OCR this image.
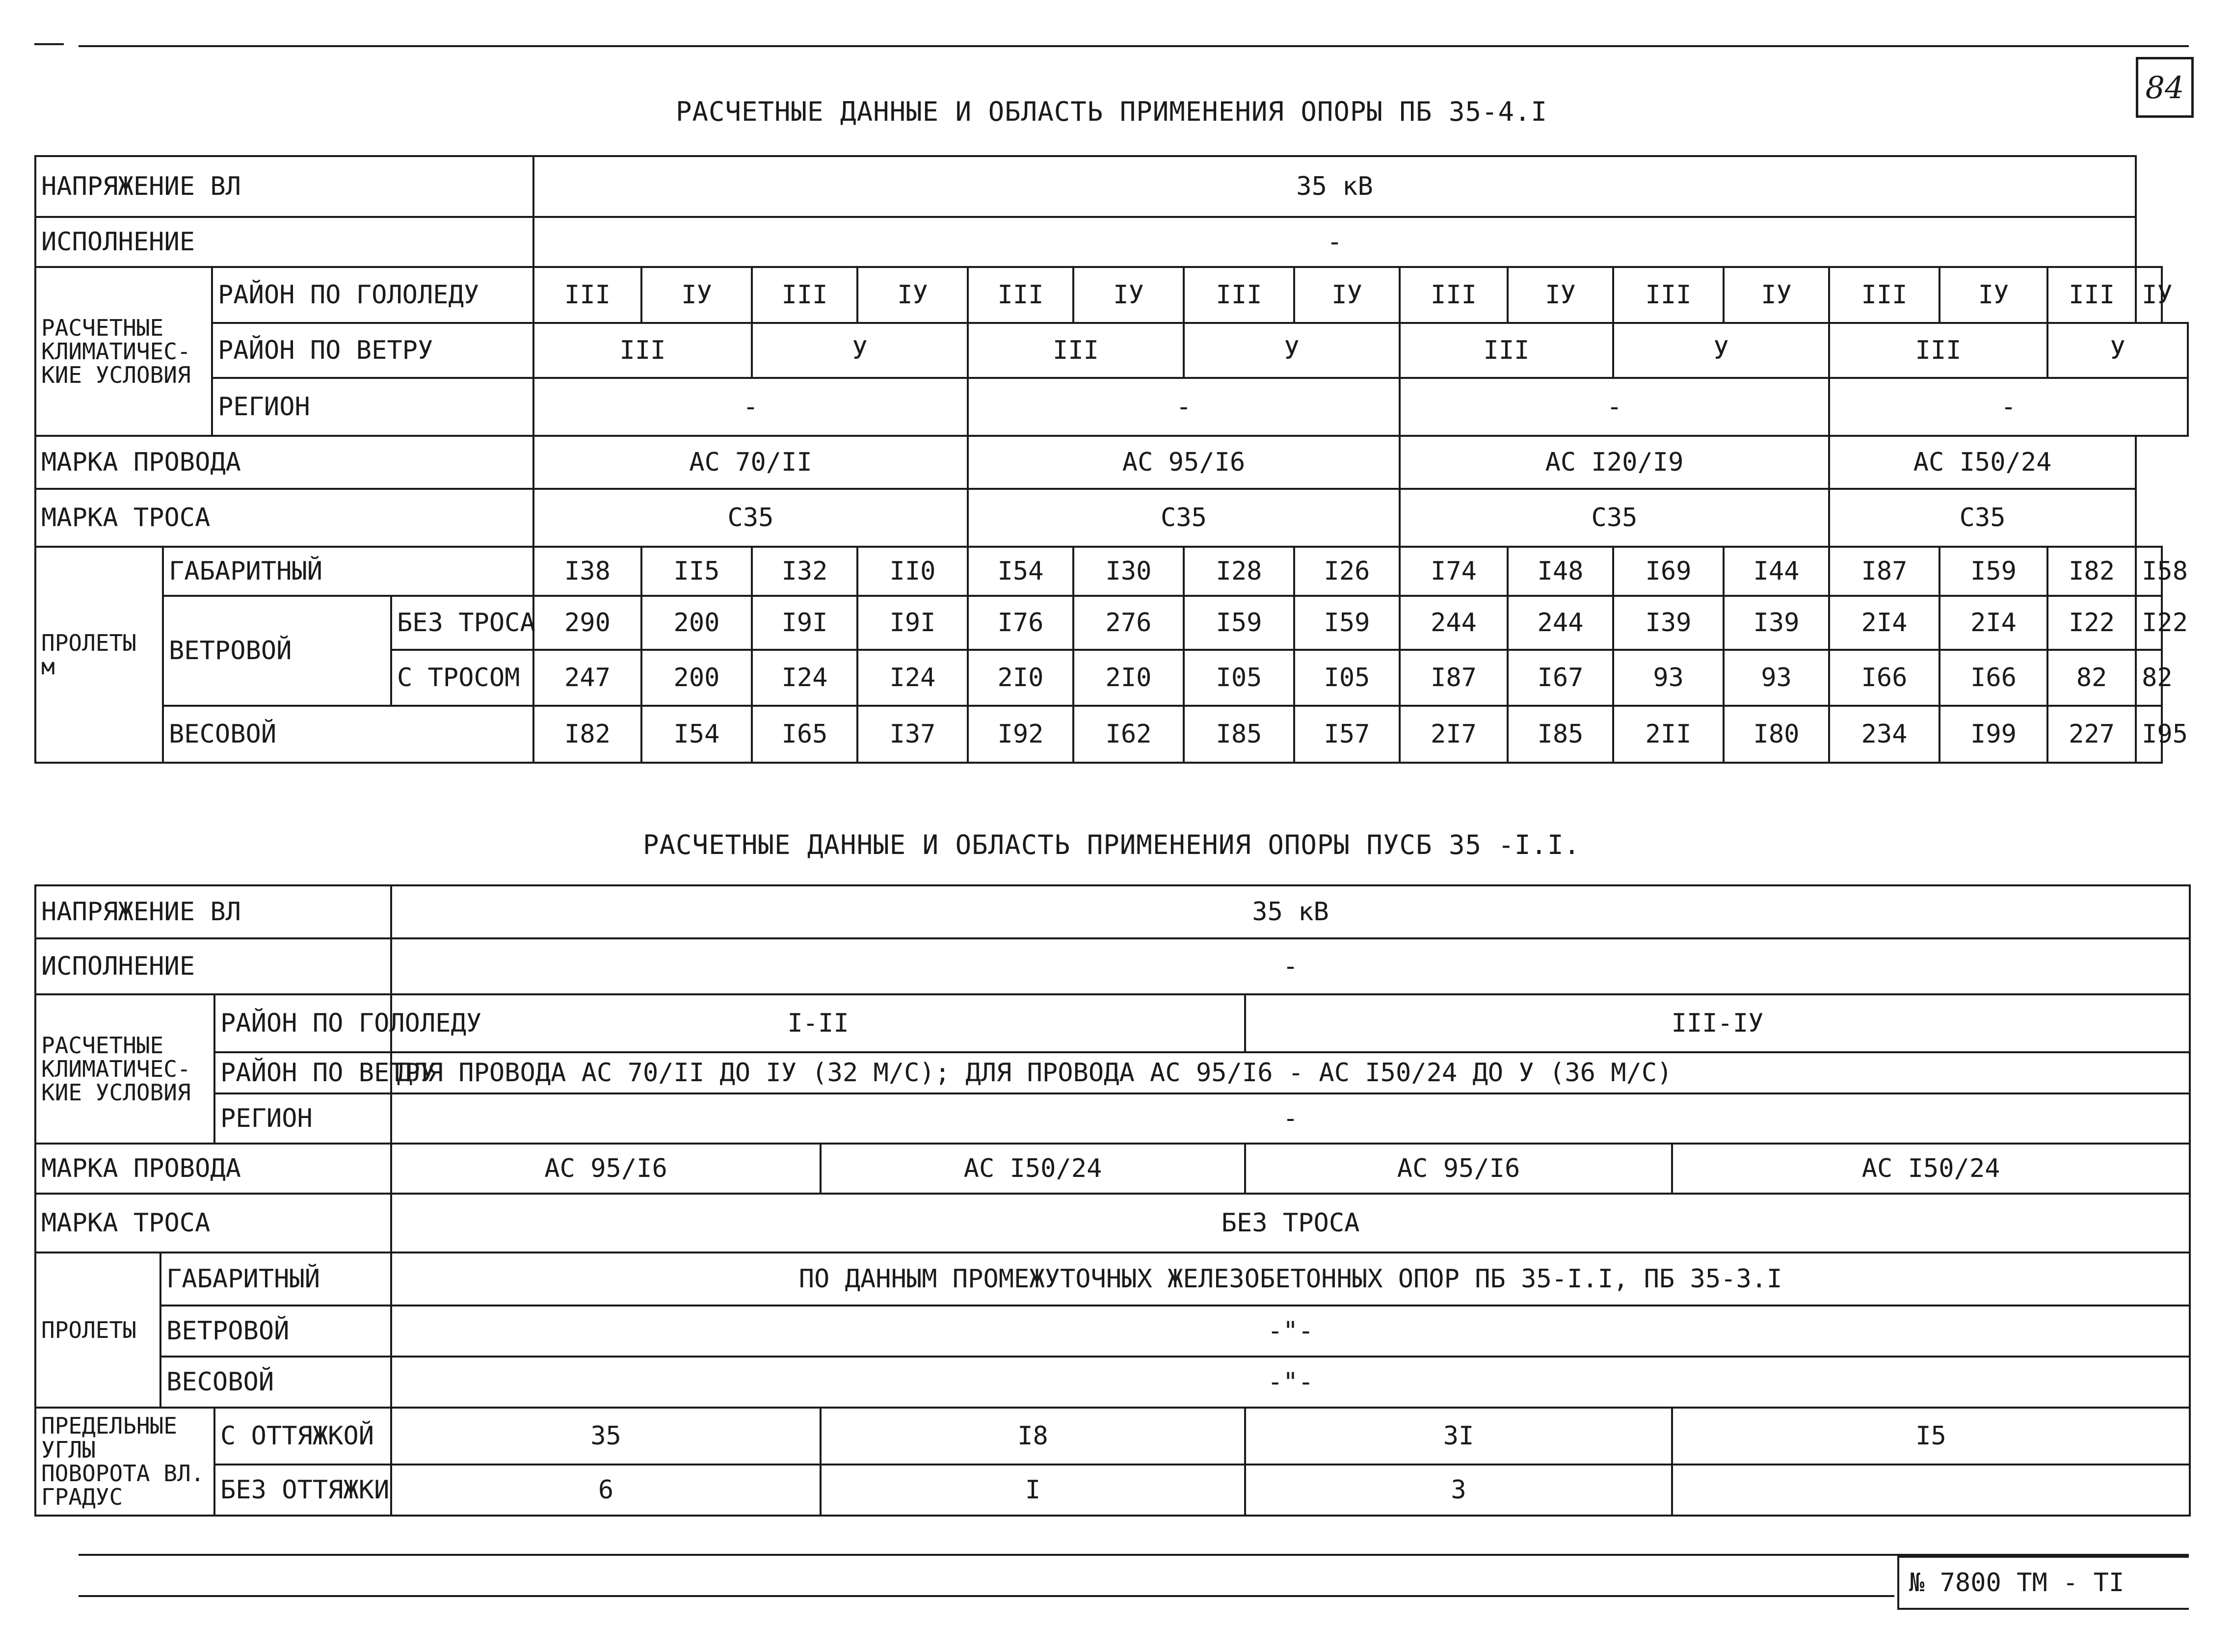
84
РАСЧЕТНЫЕ ДАННЫЕ И ОБЛАСТЬ ПРИМЕНЕНИЯ ОПОРЫ ПБ 35-4.I
НАПРЯЖЕНИЕ ВЛ				35 кВ															
ИСПОЛНЕНИЕ				-															
РАСЧЕТНЫЕ КЛИМАТИЧЕС-КИЕ УСЛОВИЯ		РАЙОН ПО ГОЛОЛЕДУ		III	IУ	III	IУ	III	IУ	III	IУ	III	IУ	III	IУ	III	IУ	III	IУ
		РАЙОН ПО ВЕТРУ		III		У		III		У		III		У		III		У	
		РЕГИОН		-				-				-				-			
МАРКА ПРОВОДА				АС 70/II				АС 95/I6				АС I20/I9				АС I50/24			
МАРКА ТРОСА				С35				С35				С35				С35			
ПРОЛЕТЫ м	ГАБАРИТНЫЙ			I38	II5	I32	II0	I54	I30	I28	I26	I74	I48	I69	I44	I87	I59	I82	I58
	ВЕТРОВОЙ		БЕЗ ТРОСА	290	200	I9I	I9I	I76	276	I59	I59	244	244	I39	I39	2I4	2I4	I22	I22
			С ТРОСОМ	247	200	I24	I24	2I0	2I0	I05	I05	I87	I67	93	93	I66	I66	82	82
	ВЕСОВОЙ			I82	I54	I65	I37	I92	I62	I85	I57	2I7	I85	2II	I80	234	I99	227	I95
РАСЧЕТНЫЕ ДАННЫЕ И ОБЛАСТЬ ПРИМЕНЕНИЯ ОПОРЫ ПУСБ 35 -I.I.
НАПРЯЖЕНИЕ ВЛ			35 кВ			
ИСПОЛНЕНИЕ			-			
РАСЧЕТНЫЕ КЛИМАТИЧЕС-КИЕ УСЛОВИЯ		РАЙОН ПО ГОЛОЛЕДУ	I-II		III-IУ	
		РАЙОН ПО ВЕТРУ	ДЛЯ ПРОВОДА АС 70/II ДО IУ (32 М/С); ДЛЯ ПРОВОДА АС 95/I6 - АС I50/24 ДО У (36 М/С)			
		РЕГИОН	-			
МАРКА ПРОВОДА			АС 95/I6	АС I50/24	АС 95/I6	АС I50/24
МАРКА ТРОСА			БЕЗ ТРОСА			
ПРОЛЕТЫ	ГАБАРИТНЫЙ		ПО ДАННЫМ ПРОМЕЖУТОЧНЫХ ЖЕЛЕЗОБЕТОННЫХ ОПОР ПБ 35-I.I, ПБ 35-3.I			
	ВЕТРОВОЙ		-"-			
	ВЕСОВОЙ		-"-			
ПРЕДЕЛЬНЫЕ УГЛЫ ПОВОРОТА ВЛ. ГРАДУС		С ОТТЯЖКОЙ	35	I8	3I	I5
		БЕЗ ОТТЯЖКИ	6	I	3	
№ 7800 ТМ - ТI
